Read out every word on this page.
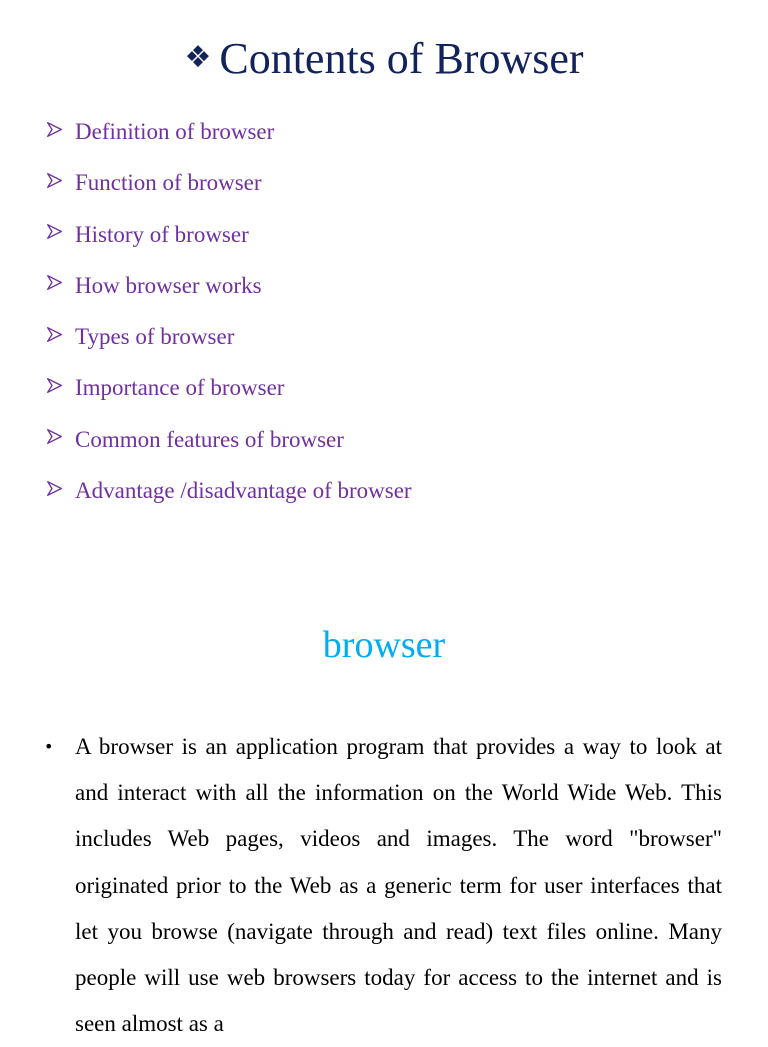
❖ Contents of Browser
Definition of browser
Function of browser
History of browser
How browser works
Types of browser
Importance of browser
Common features of browser
Advantage /disadvantage of browser
browser
• A browser is an application program that provides a way to look at and interact with all the information on the World Wide Web. This includes Web pages, videos and images. The word "browser" originated prior to the Web as a generic term for user interfaces that let you browse (navigate through and read) text files online. Many people will use web browsers today for access to the internet and is seen almost as a
